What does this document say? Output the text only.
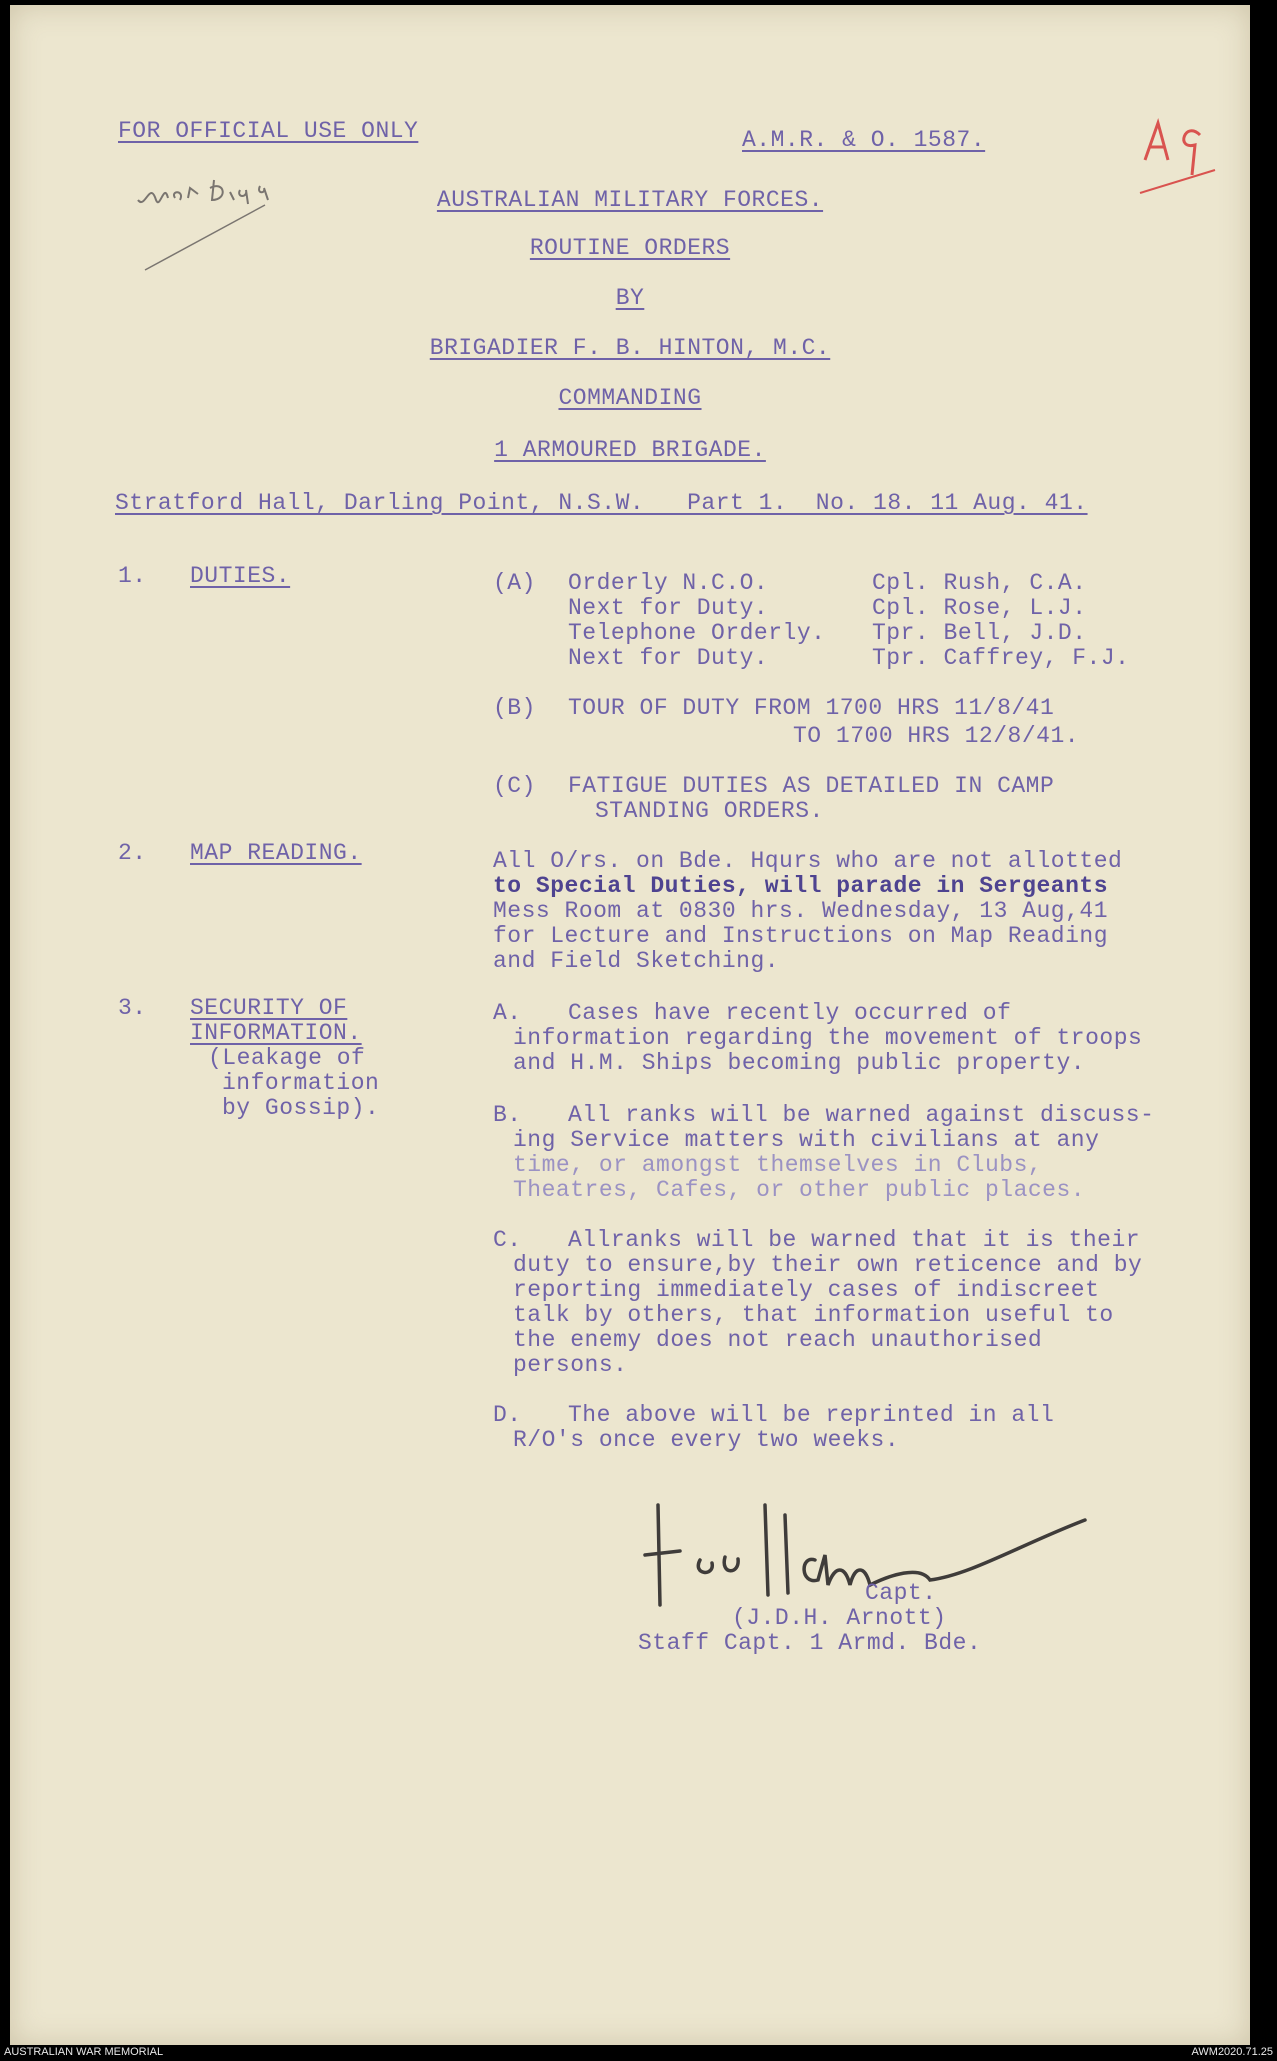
FOR OFFICIAL USE ONLY	A.M.R. & O. 1587.
AUSTRALIAN MILITARY FORCES.
ROUTINE ORDERS
BY
BRIGADIER F. B. HINTON, M.C.
COMMANDING
1 ARMOURED BRIGADE.
Stratford Hall, Darling Point, N.S.W.   Part 1.  No. 18. 11 Aug. 41.
1. DUTIES.	(A) Orderly N.C.O.	Cpl. Rush, C.A.
Next for Duty.	Cpl. Rose, L.J.
Telephone Orderly. Tpr. Bell, J.D.
Next for Duty.	Tpr. Caffrey, F.J.
(B) TOUR OF DUTY FROM 1700 HRS 11/8/41
TO 1700 HRS 12/8/41.
(C) FATIGUE DUTIES AS DETAILED IN CAMP
STANDING ORDERS.
2. MAP READING.	All O/rs. on Bde. Hqurs who are not allotted
to Special Duties, will parade in Sergeants
Mess Room at 0830 hrs. Wednesday, 13 Aug,41
for Lecture and Instructions on Map Reading
and Field Sketching.
3. SECURITY OF
INFORMATION.
(Leakage of
information
by Gossip).
A. Cases have recently occurred of
information regarding the movement of troops
and H.M. Ships becoming public property.
B. All ranks will be warned against discuss-
ing Service matters with civilians at any
time, or amongst themselves in Clubs,
Theatres, Cafes, or other public places.
C. Allranks will be warned that it is their
duty to ensure,by their own reticence and by
reporting immediately cases of indiscreet
talk by others, that information useful to
the enemy does not reach unauthorised
persons.
D. The above will be reprinted in all
R/O's once every two weeks.
Capt.
(J.D.H. Arnott)
Staff Capt. 1 Armd. Bde.
AUSTRALIAN WAR MEMORIAL	AWM2020.71.25
